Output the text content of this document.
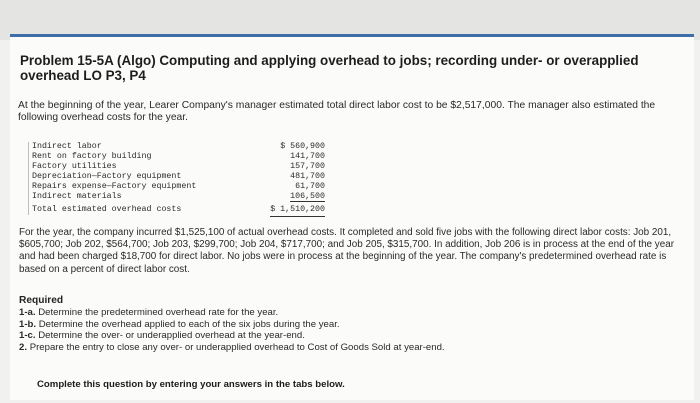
Problem 15-5A (Algo) Computing and applying overhead to jobs; recording under- or overapplied overhead LO P3, P4

At the beginning of the year, Learer Company's manager estimated total direct labor cost to be $2,517,000. The manager also estimated the following overhead costs for the year.

Indirect labor	$ 560,900
Rent on factory building	141,700
Factory utilities	157,700
Depreciation—Factory equipment	481,700
Repairs expense—Factory equipment	61,700
Indirect materials	106,500
Total estimated overhead costs	$ 1,510,200

For the year, the company incurred $1,525,100 of actual overhead costs. It completed and sold five jobs with the following direct labor costs: Job 201, $605,700; Job 202, $564,700; Job 203, $299,700; Job 204, $717,700; and Job 205, $315,700. In addition, Job 206 is in process at the end of the year and had been charged $18,700 for direct labor. No jobs were in process at the beginning of the year. The company's predetermined overhead rate is based on a percent of direct labor cost.

Required
1-a. Determine the predetermined overhead rate for the year.
1-b. Determine the overhead applied to each of the six jobs during the year.
1-c. Determine the over- or underapplied overhead at the year-end.
2. Prepare the entry to close any over- or underapplied overhead to Cost of Goods Sold at year-end.
Complete this question by entering your answers in the tabs below.
